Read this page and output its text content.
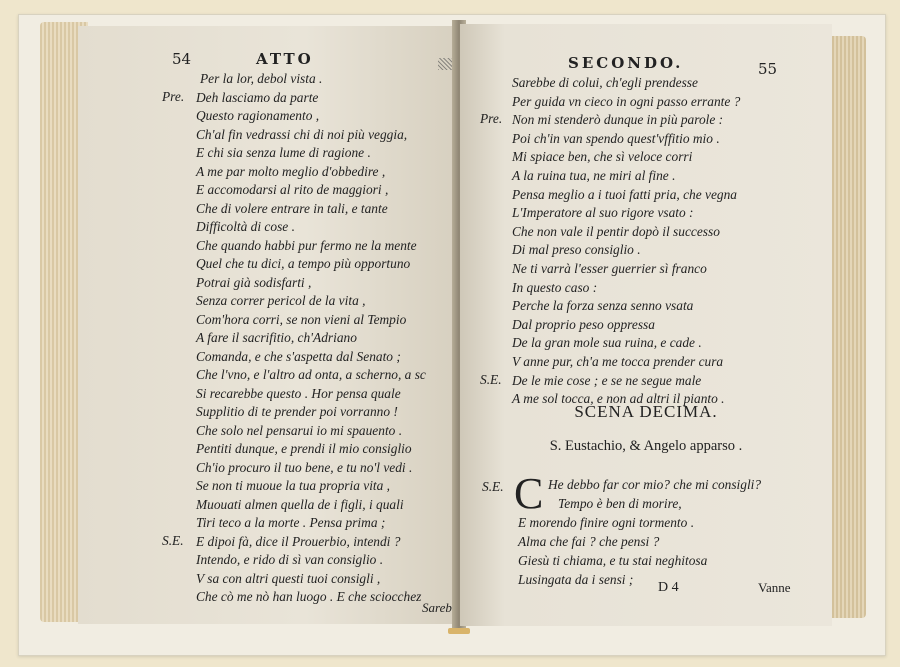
54	ATTO
Per la lor, debol vista .
Deh lasciamo da parte
Pre.
Questo ragionamento ,
Ch'al fin vedrassi chi di noi più veggia,
E chi sia senza lume di ragione .
A me par molto meglio d'obbedire ,
E accomodarsi al rito de maggiori ,
Che di volere entrare in tali, e tante
Difficoltà di cose .
Che quando habbi pur fermo ne la mente
Quel che tu dici, a tempo più opportuno
Potrai già sodisfarti ,
Senza correr pericol de la vita ,
Com'hora corri, se non vieni al Tempio
A fare il sacrifitio, ch'Adriano
Comanda, e che s'aspetta dal Senato ;
Che l'vno, e l'altro ad onta, a scherno, a sc
Si recarebbe questo . Hor pensa quale
Supplitio di te prender poi vorranno !
Che solo nel pensarui io mi spauento .
Pentiti dunque, e prendi il mio consiglio
Ch'io procuro il tuo bene, e tu no'l vedi .
Se non ti muoue la tua propria vita ,
Muouati almen quella de i figli, i quali
Tiri teco a la morte . Pensa prima ;
E dipoi fà, dice il Prouerbio, intendi ?
S.E.
Intendo, e rido di sì van consiglio .
V sa con altri questi tuoi consigli ,
Che cò me nò han luogo . E che sciocchez
Sareb
SECONDO.	55
Sarebbe di colui, ch'egli prendesse
Per guida vn cieco in ogni passo errante ?
Non mi stenderò dunque in più parole :
Pre.
Poi ch'in van spendo quest'vffitio mio .
Mi spiace ben, che sì veloce corri
A la ruina tua, ne miri al fine .
Pensa meglio a i tuoi fatti pria, che vegna
L'Imperatore al suo rigore vsato :
Che non vale il pentir dopò il successo
Di mal preso consiglio .
Ne ti varrà l'esser guerrier sì franco
In questo caso :
Perche la forza senza senno vsata
Dal proprio peso oppressa
De la gran mole sua ruina, e cade .
V anne pur, ch'a me tocca prender cura
De le mie cose ; e se ne segue male
S.E.
A me sol tocca, e non ad altri il pianto .
SCENA DECIMA.
S. Eustachio, & Angelo apparso .
S.E. C He debbo far cor mio? che mi consigli?
Tempo è ben di morire,
E morendo finire ogni tormento .
Alma che fai ? che pensi ?
Giesù ti chiama, e tu stai neghitosa
Lusingata da i sensi ;
D 4	Vanne
